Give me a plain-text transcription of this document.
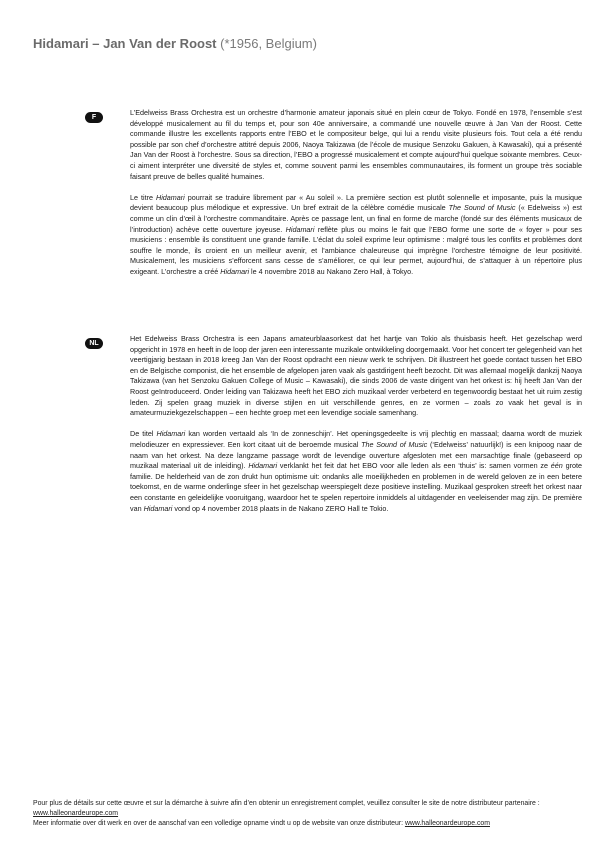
Hidamari – Jan Van der Roost (*1956, Belgium)
F

L’Edelweiss Brass Orchestra est un orchestre d’harmonie amateur japonais situé en plein cœur de Tokyo. Fondé en 1978, l’ensemble s’est développé musicalement au fil du temps et, pour son 40e anniversaire, a commandé une nouvelle œuvre à Jan Van der Roost. Cette commande illustre les excellents rapports entre l’EBO et le compositeur belge, qui lui a rendu visite plusieurs fois. Tout cela a été rendu possible par son chef d’orchestre attitré depuis 2006, Naoya Takizawa (de l’école de musique Senzoku Gakuen, à Kawasaki), qui a présenté Jan Van der Roost à l’orchestre. Sous sa direction, l’EBO a progressé musicalement et compte aujourd’hui quelque soixante membres. Ceux-ci aiment interpréter une diversité de styles et, comme souvent parmi les ensembles communautaires, ils forment un groupe très sociable faisant preuve de belles qualité humaines.

Le titre Hidamari pourrait se traduire librement par « Au soleil ». La première section est plutôt solennelle et imposante, puis la musique devient beaucoup plus mélodique et expressive. Un bref extrait de la célèbre comédie musicale The Sound of Music (« Edelweiss ») est comme un clin d’œil à l’orchestre commanditaire. Après ce passage lent, un final en forme de marche (fondé sur des éléments musicaux de l’introduction) achève cette ouverture joyeuse. Hidamari reflète plus ou moins le fait que l’EBO forme une sorte de « foyer » pour ses musiciens : ensemble ils constituent une grande famille. L’éclat du soleil exprime leur optimisme : malgré tous les conflits et problèmes dont souffre le monde, ils croient en un meilleur avenir, et l’ambiance chaleureuse qui imprègne l’orchestre témoigne de leur positivité. Musicalement, les musiciens s’efforcent sans cesse de s’améliorer, ce qui leur permet, aujourd’hui, de s’attaquer à un répertoire plus exigeant. L’orchestre a créé Hidamari le 4 novembre 2018 au Nakano Zero Hall, à Tokyo.

NL

Het Edelweiss Brass Orchestra is een Japans amateurblaasorkest dat het hartje van Tokio als thuisbasis heeft. Het gezelschap werd opgericht in 1978 en heeft in de loop der jaren een interessante muzikale ontwikkeling doorgemaakt. Voor het concert ter gelegenheid van het veertigjarig bestaan in 2018 kreeg Jan Van der Roost opdracht een nieuw werk te schrijven. Dit illustreert het goede contact tussen het EBO en de Belgische componist, die het ensemble de afgelopen jaren vaak als gastdirigent heeft bezocht. Dit was allemaal mogelijk dankzij Naoya Takizawa (van het Senzoku Gakuen College of Music – Kawasaki), die sinds 2006 de vaste dirigent van het orkest is: hij heeft Jan Van der Roost geïntroduceerd. Onder leiding van Takizawa heeft het EBO zich muzikaal verder verbeterd en tegenwoordig bestaat het uit ruim zestig leden. Zij spelen graag muziek in diverse stijlen en uit verschillende genres, en ze vormen – zoals zo vaak het geval is in amateurmuziekgezelschappen – een hechte groep met een levendige sociale samenhang.

De titel Hidamari kan worden vertaald als ‘In de zonneschijn’. Het openingsgedeelte is vrij plechtig en massaal; daarna wordt de muziek melodieuzer en expressiever. Een kort citaat uit de beroemde musical The Sound of Music (‘Edelweiss’ natuurlijk!) is een knipoog naar de naam van het orkest. Na deze langzame passage wordt de levendige ouverture afgesloten met een marsachtige finale (gebaseerd op muzikaal materiaal uit de inleiding). Hidamari verklankt het feit dat het EBO voor alle leden als een ‘thuis’ is: samen vormen ze één grote familie. De helderheid van de zon drukt hun optimisme uit: ondanks alle moeilijkheden en problemen in de wereld geloven ze in een betere toekomst, en de warme onderlinge sfeer in het gezelschap weerspiegelt deze positieve instelling. Muzikaal gesproken streeft het orkest naar een constante en geleidelijke vooruitgang, waardoor het te spelen repertoire inmiddels al uitdagender en veeleisender mag zijn. De première van Hidamari vond op 4 november 2018 plaats in de Nakano ZERO Hall te Tokio.

Pour plus de détails sur cette œuvre et sur la démarche à suivre afin d’en obtenir un enregistrement complet, veuillez consulter le site de notre distributeur partenaire :
www.halleonardeurope.com
Meer informatie over dit werk en over de aanschaf van een volledige opname vindt u op de website van onze distributeur: www.halleonardeurope.com
